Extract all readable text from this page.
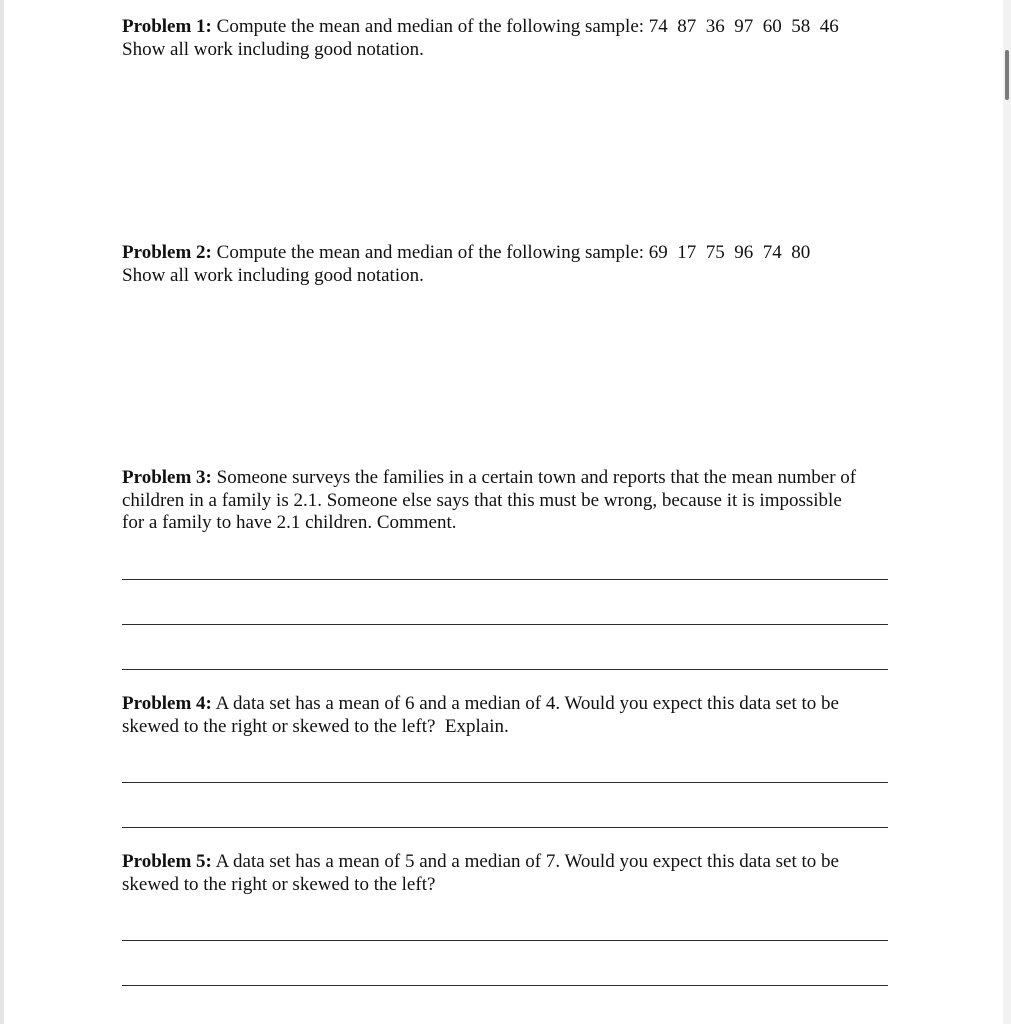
Problem 1: Compute the mean and median of the following sample: 74  87  36  97  60  58  46

Show all work including good notation.

Problem 2: Compute the mean and median of the following sample: 69  17  75  96  74  80

Show all work including good notation.

Problem 3: Someone surveys the families in a certain town and reports that the mean number of

children in a family is 2.1. Someone else says that this must be wrong, because it is impossible

for a family to have 2.1 children. Comment.

Problem 4: A data set has a mean of 6 and a median of 4. Would you expect this data set to be

skewed to the right or skewed to the left?  Explain.

Problem 5: A data set has a mean of 5 and a median of 7. Would you expect this data set to be

skewed to the right or skewed to the left?
